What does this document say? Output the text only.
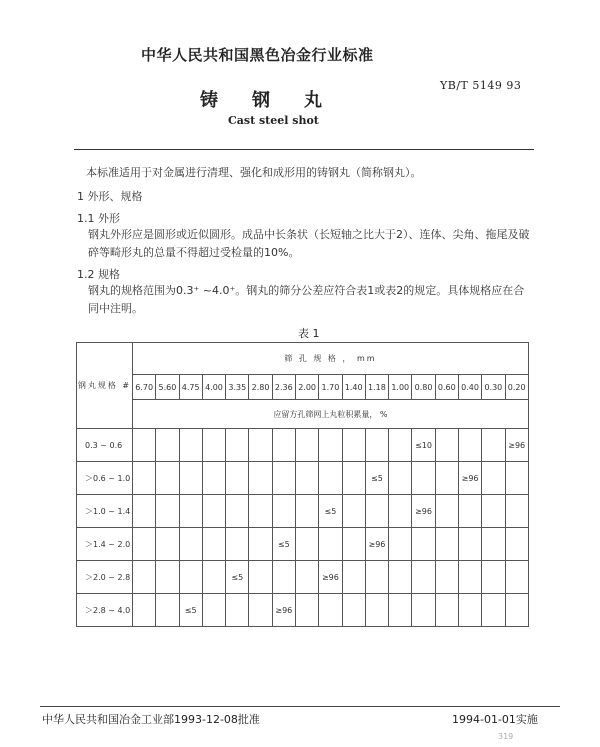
中华人民共和国黑色冶金行业标准
铸钢丸
YB/T 5149 93
Cast steel shot
本标准适用于对金属进行清理、强化和成形用的铸钢丸（简称钢丸）。
1 外形、规格
1.1 外形
钢丸外形应是圆形或近似圆形。成品中长条状（长短轴之比大于2）、连体、尖角、拖尾及破碎等畸形丸的总量不得超过受检量的10%。
1.2 规格
钢丸的规格范围为0.3⁺ ~4.0⁺。钢丸的筛分公差应符合表1或表2的规定。具体规格应在合同中注明。
表 1
钢丸规格 #	筛 孔 规 格 ， mm																
	6.70	5.60	4.75	4.00	3.35	2.80	2.36	2.00	1.70	1.40	1.18	1.00	0.80	0.60	0.40	0.30	0.20
	应留方孔筛网上丸粒积累量， %																
0.3 ~ 0.6													≤10				≥96
＞0.6 ~ 1.0											≤5				≥96		
＞1.0 ~ 1.4									≤5				≥96				
＞1.4 ~ 2.0							≤5				≥96						
＞2.0 ~ 2.8					≤5				≥96								
＞2.8 ~ 4.0			≤5				≥96										
中华人民共和国冶金工业部1993-12-08批准	1994-01-01实施
319
